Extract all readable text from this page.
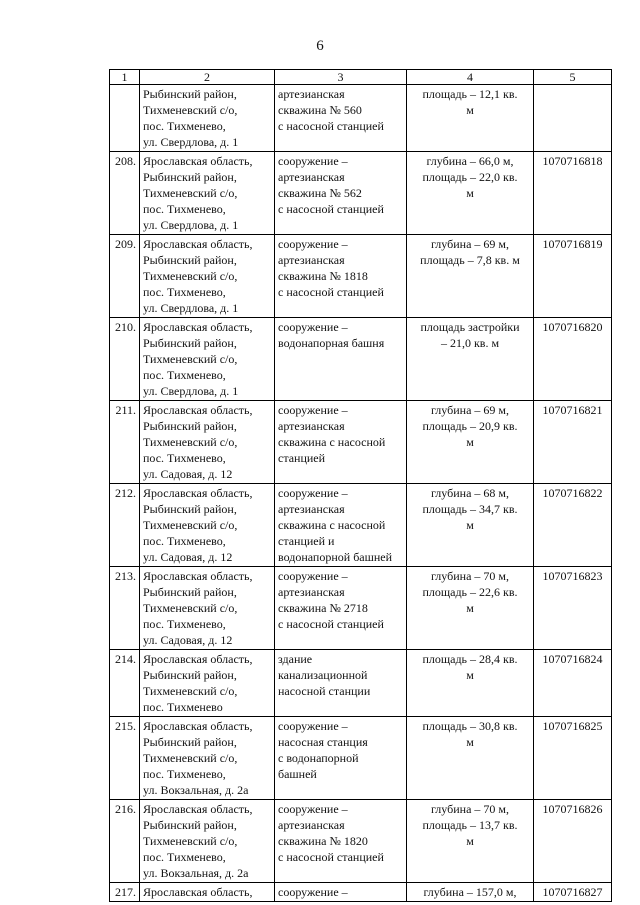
6
1	2	3	4	5
	Рыбинский район,
Тихменевский с/о,
пос. Тихменево,
ул. Свердлова, д. 1	артезианская
скважина № 560
с насосной станцией	площадь – 12,1 кв.
м	
208.	Ярославская область,
Рыбинский район,
Тихменевский с/о,
пос. Тихменево,
ул. Свердлова, д. 1	сооружение –
артезианская
скважина № 562
с насосной станцией	глубина – 66,0 м,
площадь – 22,0 кв.
м	1070716818
209.	Ярославская область,
Рыбинский район,
Тихменевский с/о,
пос. Тихменево,
ул. Свердлова, д. 1	сооружение –
артезианская
скважина № 1818
с насосной станцией	глубина – 69 м,
площадь – 7,8 кв. м	1070716819
210.	Ярославская область,
Рыбинский район,
Тихменевский с/о,
пос. Тихменево,
ул. Свердлова, д. 1	сооружение –
водонапорная башня	площадь застройки
– 21,0 кв. м	1070716820
211.	Ярославская область,
Рыбинский район,
Тихменевский с/о,
пос. Тихменево,
ул. Садовая, д. 12	сооружение –
артезианская
скважина с насосной
станцией	глубина – 69 м,
площадь – 20,9 кв.
м	1070716821
212.	Ярославская область,
Рыбинский район,
Тихменевский с/о,
пос. Тихменево,
ул. Садовая, д. 12	сооружение –
артезианская
скважина с насосной
станцией и
водонапорной башней	глубина – 68 м,
площадь – 34,7 кв.
м	1070716822
213.	Ярославская область,
Рыбинский район,
Тихменевский с/о,
пос. Тихменево,
ул. Садовая, д. 12	сооружение –
артезианская
скважина № 2718
с насосной станцией	глубина – 70 м,
площадь – 22,6 кв.
м	1070716823
214.	Ярославская область,
Рыбинский район,
Тихменевский с/о,
пос. Тихменево	здание
канализационной
насосной станции	площадь – 28,4 кв.
м	1070716824
215.	Ярославская область,
Рыбинский район,
Тихменевский с/о,
пос. Тихменево,
ул. Вокзальная, д. 2а	сооружение –
насосная станция
с водонапорной
башней	площадь – 30,8 кв.
м	1070716825
216.	Ярославская область,
Рыбинский район,
Тихменевский с/о,
пос. Тихменево,
ул. Вокзальная, д. 2а	сооружение –
артезианская
скважина № 1820
с насосной станцией	глубина – 70 м,
площадь – 13,7 кв.
м	1070716826
217.	Ярославская область,	сооружение –	глубина – 157,0 м,	1070716827
